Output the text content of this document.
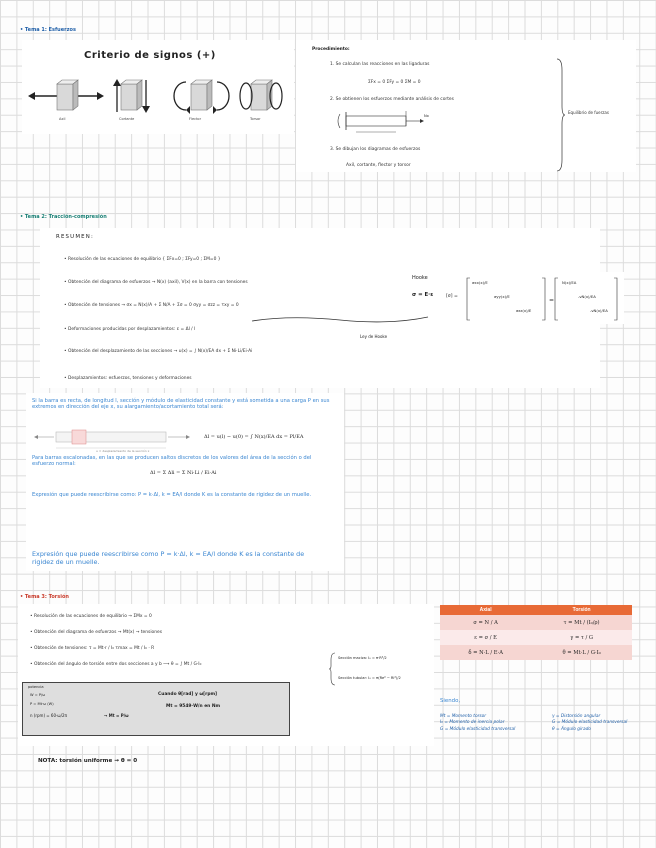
• Tema 1: Esfuerzos
Criterio de signos (+)
Axil	Cortante	Flector	Torsor
Procedimiento:
1. Se calculan las reacciones en las ligaduras
ΣFx = 0 ΣFy = 0 ΣM = 0
2. Se obtienen los esfuerzos mediante análisis de cortes
Nx
3. Se dibujan los diagramas de esfuerzos
Axil, cortante, flector y torsor
Equilibrio de fuerzas
• Tema 2: Tracción-compresión
RESUMEN:
• Resolución de las ecuaciones de equilibrio { ΣFx=0 ; ΣFy=0 ; ΣM=0 }
• Obtención del diagrama de esfuerzos → N(x) (axil), V(x) en la barra con tensiones
• Obtención de tensiones → σx = N(x)/A + Σ N/A + Σσ = 0 σyy = σzz = τxy = 0
• Deformaciones producidas por desplazamientos: ε = Δl / l
• Obtención del desplazamiento de las secciones → u(x) = ∫ N(x)/EA dx + Σ Ni·Li/Ei·Ai
• Desplazamientos: esfuerzos, tensiones y deformaciones
Hooke
σ = E·ε	[σ] =
=
σxx(x)/E
σyy(x)/E
σzz(x)/E
N(x)/EA
-νN(x)/EA
-νN(x)/EA
Ley de Hooke
Si la barra es recta, de longitud l, sección y módulo de elasticidad constante y está sometida a una carga P en sus extremos en dirección del eje x, su alargamiento/acortamiento total será:
u = desplazamiento de la sección x
Δl = u(l) − u(0) = ∫ N(x)/EA dx = Pl/EA
Para barras escalonadas, en las que se producen saltos discretos de los valores del área de la sección o del esfuerzo normal:
Δl = Σ Δli = Σ Ni·Li / Ei·Ai
Expresión que puede reescribirse como: P = k·Δl, k = EA/l donde K es la constante de rigidez de un muelle.
Expresión que puede reescribirse como P = k·Δl, k = EA/l donde K es la constante de rigidez de un muelle.
• Tema 3: Torsión
• Resolución de las ecuaciones de equilibrio → ΣMx = 0
• Obtención del diagrama de esfuerzos → Mt(x) → tensiones
• Obtención de tensiones: τ = Mt·r / I₀ τmax = Mt / I₀ · R
• Obtención del ángulo de torsión entre dos secciones a y b ⟶ θ = ∫ Mt / G·I₀
Sección maciza: I₀ = π·R⁴/2
Sección tubular: I₀ = π(Re⁴ − Ri⁴)/2
potencia
W = P/ω
P = Mt·ω (W)
n (rpm) = 60·ω/2π	→ Mt = P/ω
Cuando θ[rad] y ω[rpm]
Mt = 9549·W/n en Nm
Axial	Torsión
σ = N / A	τ = Mt / (I₀/ρ)
ε = σ / E	γ = τ / G
δ = N·L / E·A	θ = Mt·L / G·I₀
Siendo,
Mt = Momento torsor
I₀ = Momento de inercia polar
G = Módulo elasticidad transversal
γ = Distorsión angular
G = Módulo elasticidad transversal
θ = Ángulo girado
NOTA: torsión uniforme → θ = 0
